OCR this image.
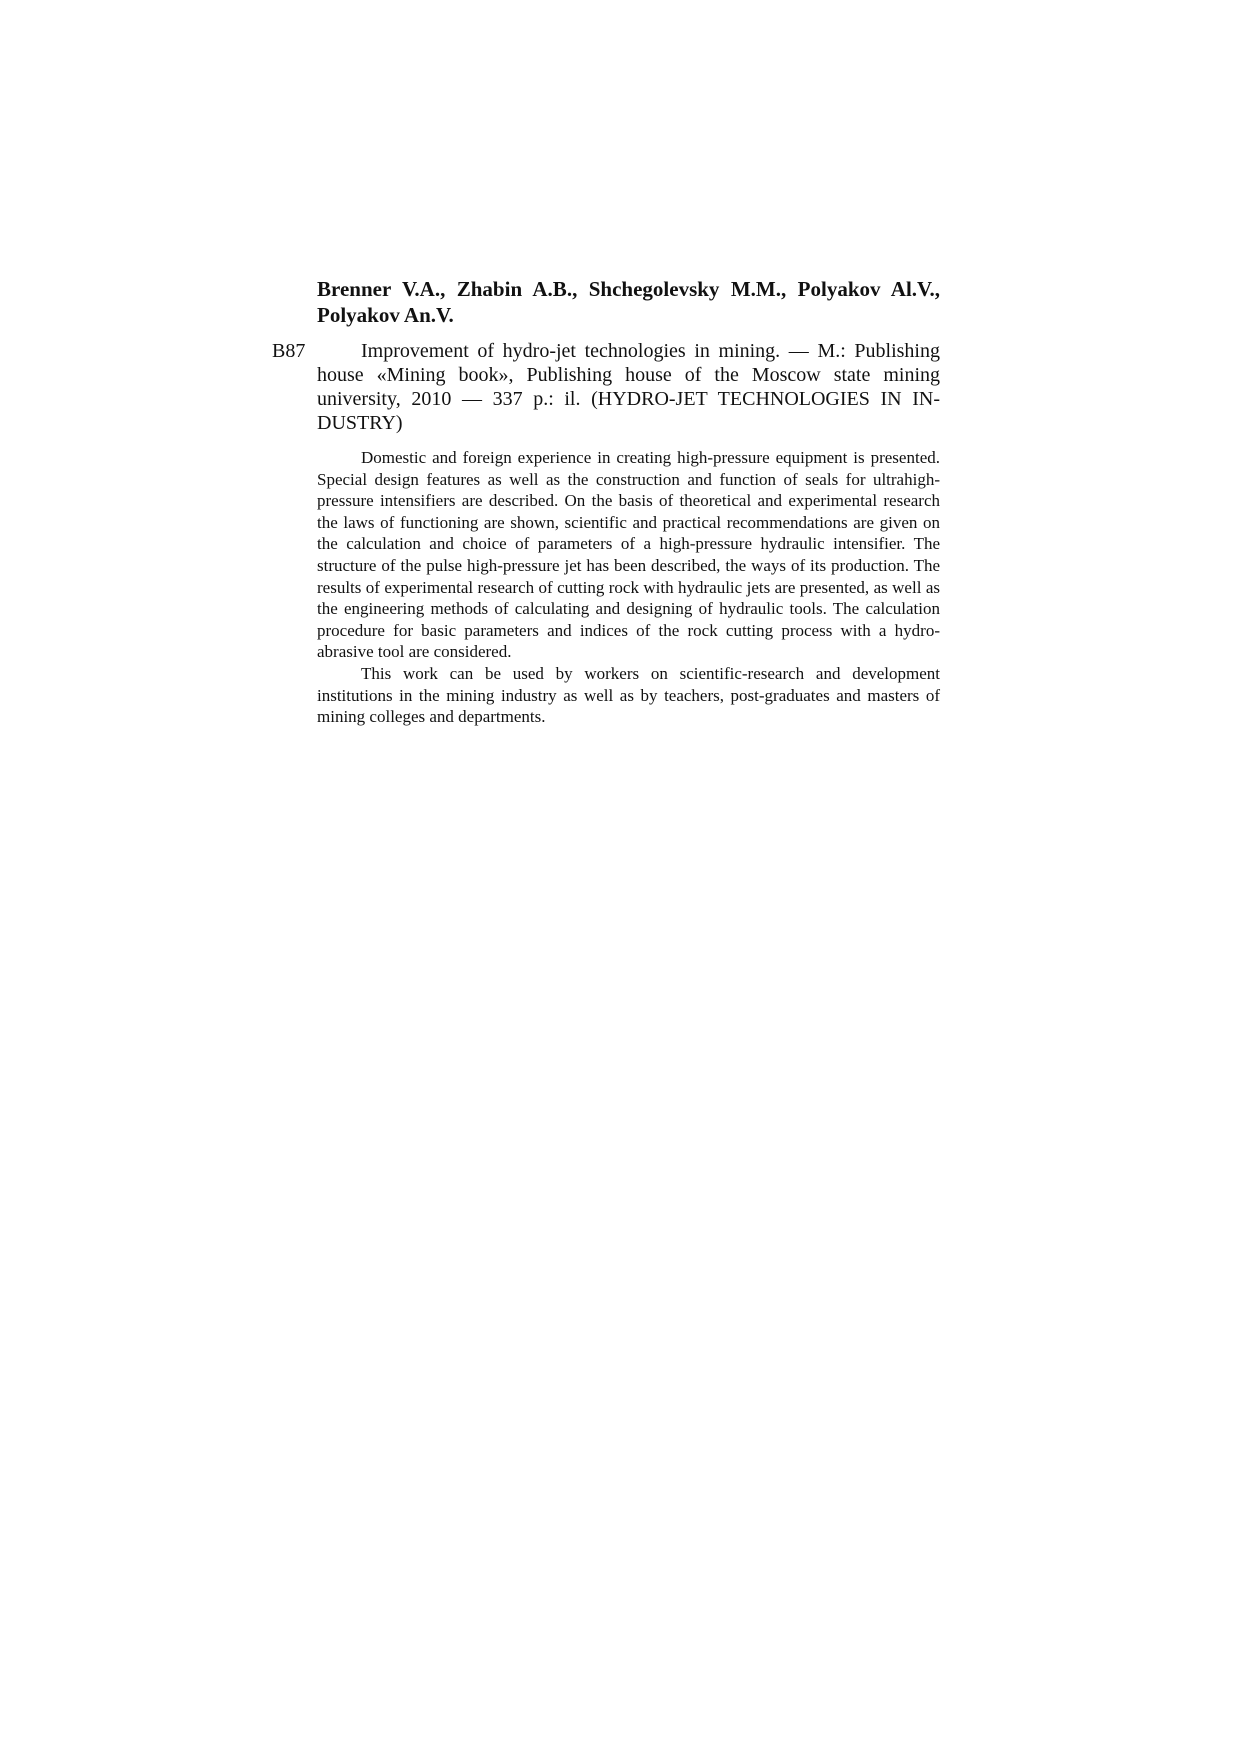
Brenner V.A., Zhabin A.B., Shchegolevsky M.M., Polyakov Al.V., Polyakov An.V.

B87	Improvement of hydro-jet technologies in mining. — M.: Publishing house «Mining book», Publishing house of the Moscow state mining university, 2010 — 337 p.: il. (HYDRO-JET TECHNOLOGIES IN INDUSTRY)

Domestic and foreign experience in creating high-pressure equipment is presented. Special design features as well as the construction and function of seals for ultrahigh-pressure intensifiers are described. On the basis of theoretical and experimental research the laws of functioning are shown, scientific and practical recommendations are given on the calculation and choice of parameters of a high-pressure hydraulic intensifier. The structure of the pulse high-pressure jet has been described, the ways of its production. The results of experimental research of cutting rock with hydraulic jets are presented, as well as the engineering methods of calculating and designing of hydraulic tools. The calculation procedure for basic parameters and indices of the rock cutting process with a hydro-abrasive tool are considered.

This work can be used by workers on scientific-research and development institutions in the mining industry as well as by teachers, post-graduates and masters of mining colleges and departments.
